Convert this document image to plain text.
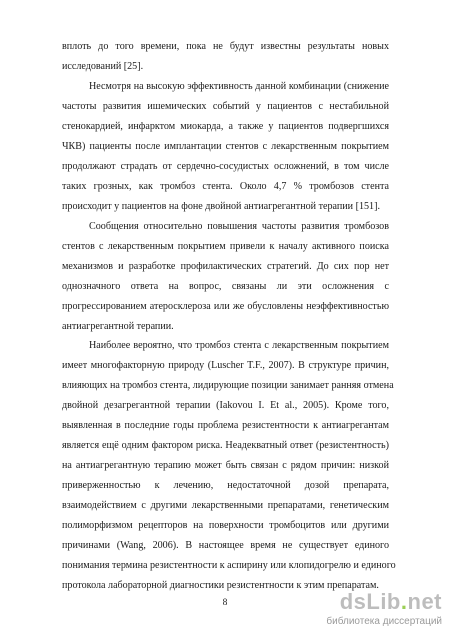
вплоть до того времени, пока не будут известны результаты новых
исследований [25].
Несмотря на высокую эффективность данной комбинации (снижение
частоты развития ишемических событий у пациентов с нестабильной
стенокардией, инфарктом миокарда, а также у пациентов подвергшихся
ЧКВ) пациенты после имплантации стентов с лекарственным покрытием
продолжают страдать от сердечно-сосудистых осложнений, в том числе
таких грозных, как тромбоз стента. Около 4,7 % тромбозов стента
происходит у пациентов на фоне двойной антиагрегантной терапии [151].
Сообщения относительно повышения частоты развития тромбозов
стентов с лекарственным покрытием привели к началу активного поиска
механизмов и разработке профилактических стратегий. До сих пор нет
однозначного ответа на вопрос, связаны ли эти осложнения с
прогрессированием атеросклероза или же обусловлены неэффективностью
антиагрегантной терапии.
Наиболее вероятно, что тромбоз стента с лекарственным покрытием
имеет многофакторную природу (Luscher T.F., 2007). В структуре причин,
влияющих на тромбоз стента, лидирующие позиции занимает ранняя отмена
двойной дезагрегантной терапии (Iakovou I. Et al., 2005). Кроме того,
выявленная в последние годы проблема резистентности к антиагрегантам
является ещё одним фактором риска. Неадекватный ответ (резистентность)
на антиагрегантную терапию может быть связан с рядом причин: низкой
приверженностью к лечению, недостаточной дозой препарата,
взаимодействием с другими лекарственными препаратами, генетическим
полиморфизмом рецепторов на поверхности тромбоцитов или другими
причинами (Wang, 2006). В настоящее время не существует единого
понимания термина резистентности к аспирину или клопидогрелю и единого
протокола лабораторной диагностики резистентности к этим препаратам.
8	dsLib.net
библиотека диссертаций
